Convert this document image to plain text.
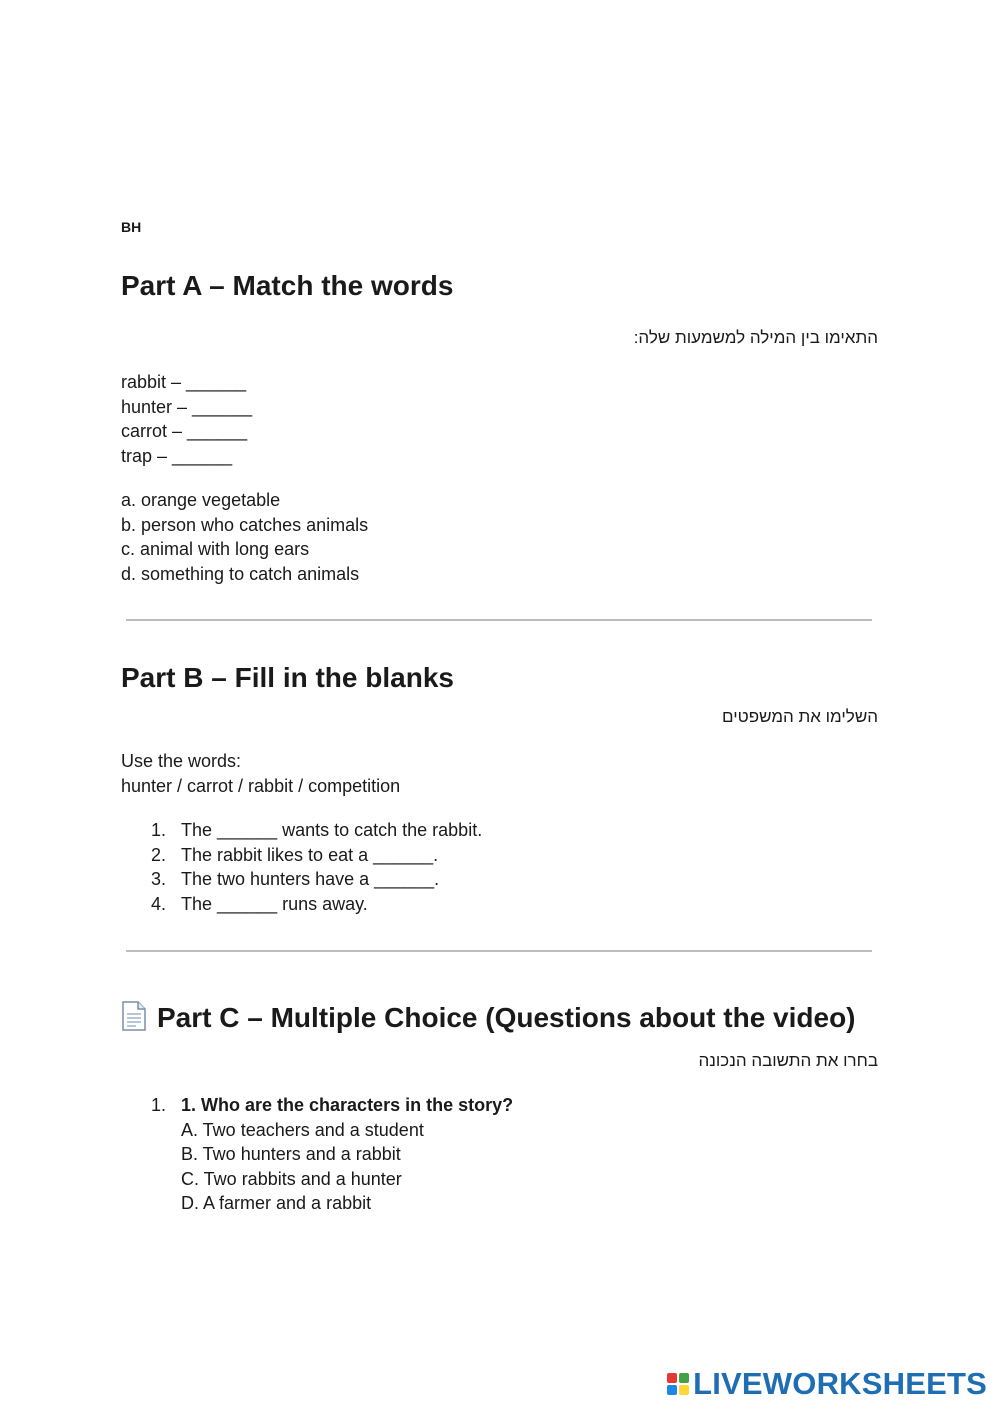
BH
Part A – Match the words
התאימו בין המילה למשמעות שלה:

rabbit – ______

hunter – ______

carrot – ______

trap – ______

a. orange vegetable

b. person who catches animals

c. animal with long ears

d. something to catch animals

Part B – Fill in the blanks
השלימו את המשפטים

Use the words:

hunter / carrot / rabbit / competition

1. The ______ wants to catch the rabbit.
2. The rabbit likes to eat a ______.
3. The two hunters have a ______.
4. The ______ runs away.
Part C – Multiple Choice (Questions about the video)
בחרו את התשובה הנכונה
1. 1. Who are the characters in the story?
A. Two teachers and a student
B. Two hunters and a rabbit
C. Two rabbits and a hunter
D. A farmer and a rabbit
LIVEWORKSHEETS
